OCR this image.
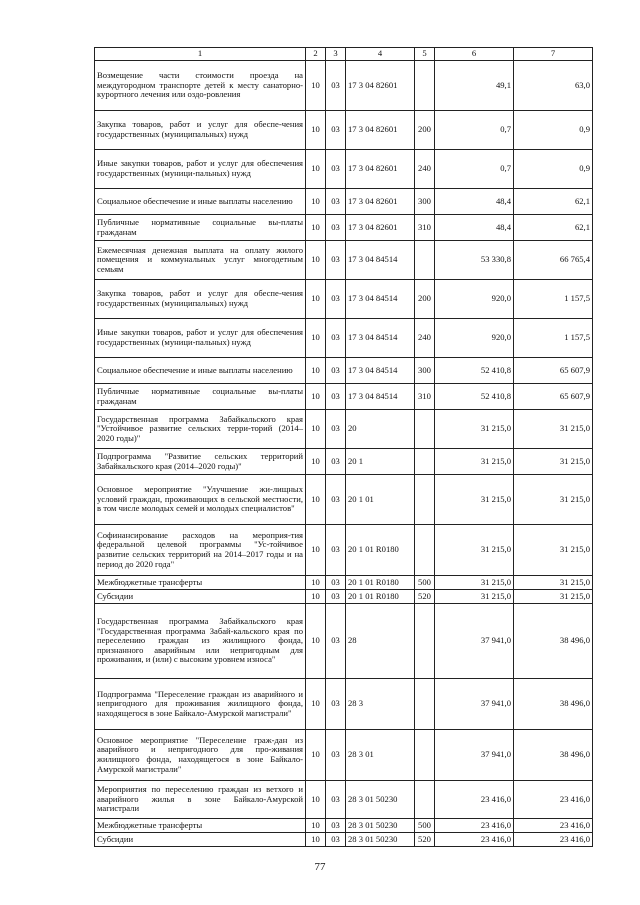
1	2	3	4	5	6	7
Возмещение части стоимости проезда на междугородном транспорте детей к месту санаторно-курортного лечения или оздо-ровления	10	03	17 3 04 82601		49,1	63,0
Закупка товаров, работ и услуг для обеспе-чения государственных (муниципальных) нужд	10	03	17 3 04 82601	200	0,7	0,9
Иные закупки товаров, работ и услуг для обеспечения государственных (муници-пальных) нужд	10	03	17 3 04 82601	240	0,7	0,9
Социальное обеспечение и иные выплаты населению	10	03	17 3 04 82601	300	48,4	62,1
Публичные нормативные социальные вы-платы гражданам	10	03	17 3 04 82601	310	48,4	62,1
Ежемесячная денежная выплата на оплату жилого помещения и коммунальных услуг многодетным семьям	10	03	17 3 04 84514		53 330,8	66 765,4
Закупка товаров, работ и услуг для обеспе-чения государственных (муниципальных) нужд	10	03	17 3 04 84514	200	920,0	1 157,5
Иные закупки товаров, работ и услуг для обеспечения государственных (муници-пальных) нужд	10	03	17 3 04 84514	240	920,0	1 157,5
Социальное обеспечение и иные выплаты населению	10	03	17 3 04 84514	300	52 410,8	65 607,9
Публичные нормативные социальные вы-платы гражданам	10	03	17 3 04 84514	310	52 410,8	65 607,9
Государственная программа Забайкальского края "Устойчивое развитие сельских терри-торий (2014–2020 годы)"	10	03	20		31 215,0	31 215,0
Подпрограмма "Развитие сельских территорий Забайкальского края (2014–2020 годы)"	10	03	20 1		31 215,0	31 215,0
Основное мероприятие "Улучшение жи-лищных условий граждан, проживающих в сельской местности, в том числе молодых семей и молодых специалистов"	10	03	20 1 01		31 215,0	31 215,0
Софинансирование расходов на мероприя-тия федеральной целевой программы "Ус-тойчивое развитие сельских территорий на 2014–2017 годы и на период до 2020 года"	10	03	20 1 01 R0180		31 215,0	31 215,0
Межбюджетные трансферты	10	03	20 1 01 R0180	500	31 215,0	31 215,0
Субсидии	10	03	20 1 01 R0180	520	31 215,0	31 215,0
Государственная программа Забайкальского края "Государственная программа Забай-кальского края по переселению граждан из жилищного фонда, признанного аварийным или непригодным для проживания, и (или) с высоким уровнем износа"	10	03	28		37 941,0	38 496,0
Подпрограмма "Переселение граждан из аварийного и непригодного для проживания жилищного фонда, находящегося в зоне Байкало-Амурской магистрали"	10	03	28 3		37 941,0	38 496,0
Основное мероприятие "Переселение граж-дан из аварийного и непригодного для про-живания жилищного фонда, находящегося в зоне Байкало-Амурской магистрали"	10	03	28 3 01		37 941,0	38 496,0
Мероприятия по переселению граждан из ветхого и аварийного жилья в зоне Байкало-Амурской магистрали	10	03	28 3 01 50230		23 416,0	23 416,0
Межбюджетные трансферты	10	03	28 3 01 50230	500	23 416,0	23 416,0
Субсидии	10	03	28 3 01 50230	520	23 416,0	23 416,0
77
